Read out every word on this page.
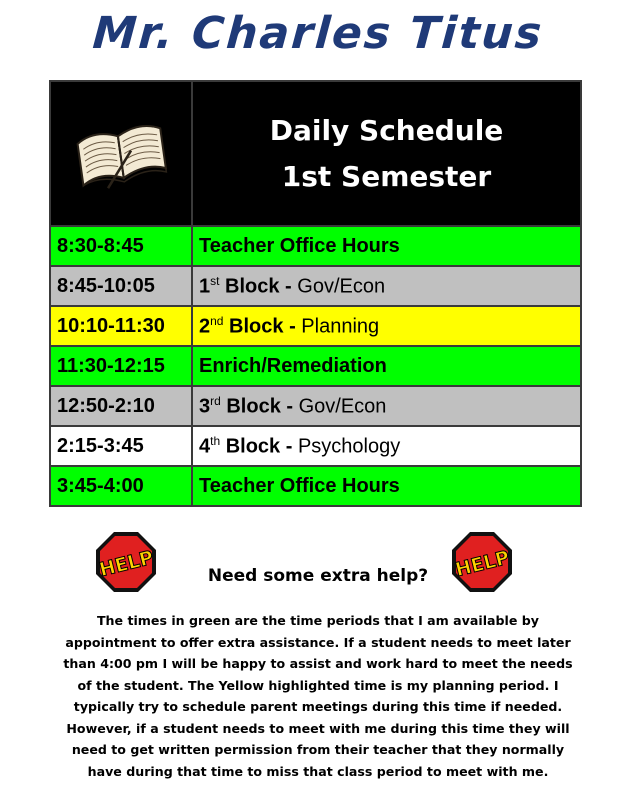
Mr. Charles Titus

Daily Schedule
1st Semester

8:30-8:45	Teacher Office Hours
8:45-10:05	1st Block - Gov/Econ
10:10-11:30	2nd Block - Planning
11:30-12:15	Enrich/Remediation
12:50-2:10	3rd Block - Gov/Econ
2:15-3:45	4th Block - Psychology
3:45-4:00	Teacher Office Hours
HELP	HELP
Need some extra help?
The times in green are the time periods that I am available by appointment to offer extra assistance. If a student needs to meet later than 4:00 pm I will be happy to assist and work hard to meet the needs of the student. The Yellow highlighted time is my planning period. I typically try to schedule parent meetings during this time if needed. However, if a student needs to meet with me during this time they will need to get written permission from their teacher that they normally have during that time to miss that class period to meet with me.
